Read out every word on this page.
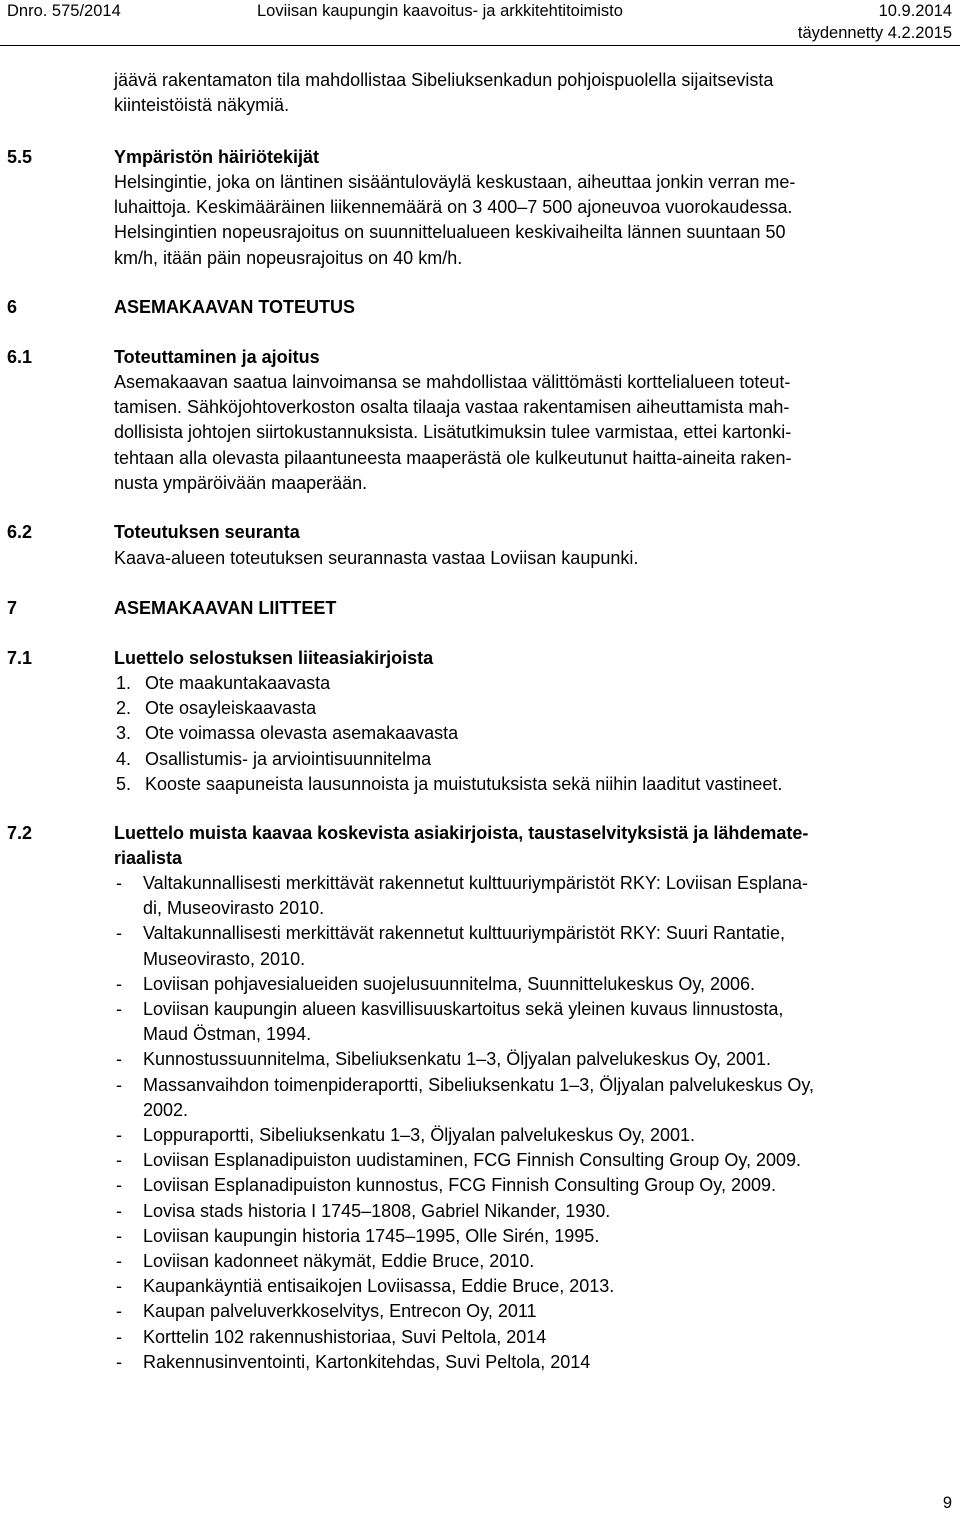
Dnro. 575/2014	Loviisan kaupungin kaavoitus- ja arkkitehtitoimisto	10.9.2014
täydennetty 4.2.2015
jäävä rakentamaton tila mahdollistaa Sibeliuksenkadun pohjoispuolella sijaitsevista
kiinteistöistä näkymiä.
5.5	Ympäristön häiriötekijät
Helsingintie, joka on läntinen sisääntuloväylä keskustaan, aiheuttaa jonkin verran me-
luhaittoja. Keskimääräinen liikennemäärä on 3 400–7 500 ajoneuvoa vuorokaudessa.
Helsingintien nopeusrajoitus on suunnittelualueen keskivaiheilta lännen suuntaan 50
km/h, itään päin nopeusrajoitus on 40 km/h.
6	ASEMAKAAVAN TOTEUTUS
6.1	Toteuttaminen ja ajoitus
Asemakaavan saatua lainvoimansa se mahdollistaa välittömästi korttelialueen toteut-
tamisen. Sähköjohtoverkoston osalta tilaaja vastaa rakentamisen aiheuttamista mah-
dollisista johtojen siirtokustannuksista. Lisätutkimuksin tulee varmistaa, ettei kartonki-
tehtaan alla olevasta pilaantuneesta maaperästä ole kulkeutunut haitta-aineita raken-
nusta ympäröivään maaperään.
6.2	Toteutuksen seuranta
Kaava-alueen toteutuksen seurannasta vastaa Loviisan kaupunki.
7	ASEMAKAAVAN LIITTEET
7.1	Luettelo selostuksen liiteasiakirjoista
1. Ote maakuntakaavasta
2. Ote osayleiskaavasta
3. Ote voimassa olevasta asemakaavasta
4. Osallistumis- ja arviointisuunnitelma
5. Kooste saapuneista lausunnoista ja muistutuksista sekä niihin laaditut vastineet.
7.2	Luettelo muista kaavaa koskevista asiakirjoista, taustaselvityksistä ja lähdemate-
riaalista
-	Valtakunnallisesti merkittävät rakennetut kulttuuriympäristöt RKY: Loviisan Esplana-
di, Museovirasto 2010.
-	Valtakunnallisesti merkittävät rakennetut kulttuuriympäristöt RKY: Suuri Rantatie,
Museovirasto, 2010.
-	Loviisan pohjavesialueiden suojelusuunnitelma, Suunnittelukeskus Oy, 2006.
-	Loviisan kaupungin alueen kasvillisuuskartoitus sekä yleinen kuvaus linnustosta,
Maud Östman, 1994.
-	Kunnostussuunnitelma, Sibeliuksenkatu 1–3, Öljyalan palvelukeskus Oy, 2001.
-	Massanvaihdon toimenpideraportti, Sibeliuksenkatu 1–3, Öljyalan palvelukeskus Oy,
2002.
-	Loppuraportti, Sibeliuksenkatu 1–3, Öljyalan palvelukeskus Oy, 2001.
-	Loviisan Esplanadipuiston uudistaminen, FCG Finnish Consulting Group Oy, 2009.
-	Loviisan Esplanadipuiston kunnostus, FCG Finnish Consulting Group Oy, 2009.
-	Lovisa stads historia I 1745–1808, Gabriel Nikander, 1930.
-	Loviisan kaupungin historia 1745–1995, Olle Sirén, 1995.
-	Loviisan kadonneet näkymät, Eddie Bruce, 2010.
-	Kaupankäyntiä entisaikojen Loviisassa, Eddie Bruce, 2013.
-	Kaupan palveluverkkoselvitys, Entrecon Oy, 2011
-	Korttelin 102 rakennushistoriaa, Suvi Peltola, 2014
-	Rakennusinventointi, Kartonkitehdas, Suvi Peltola, 2014
9
